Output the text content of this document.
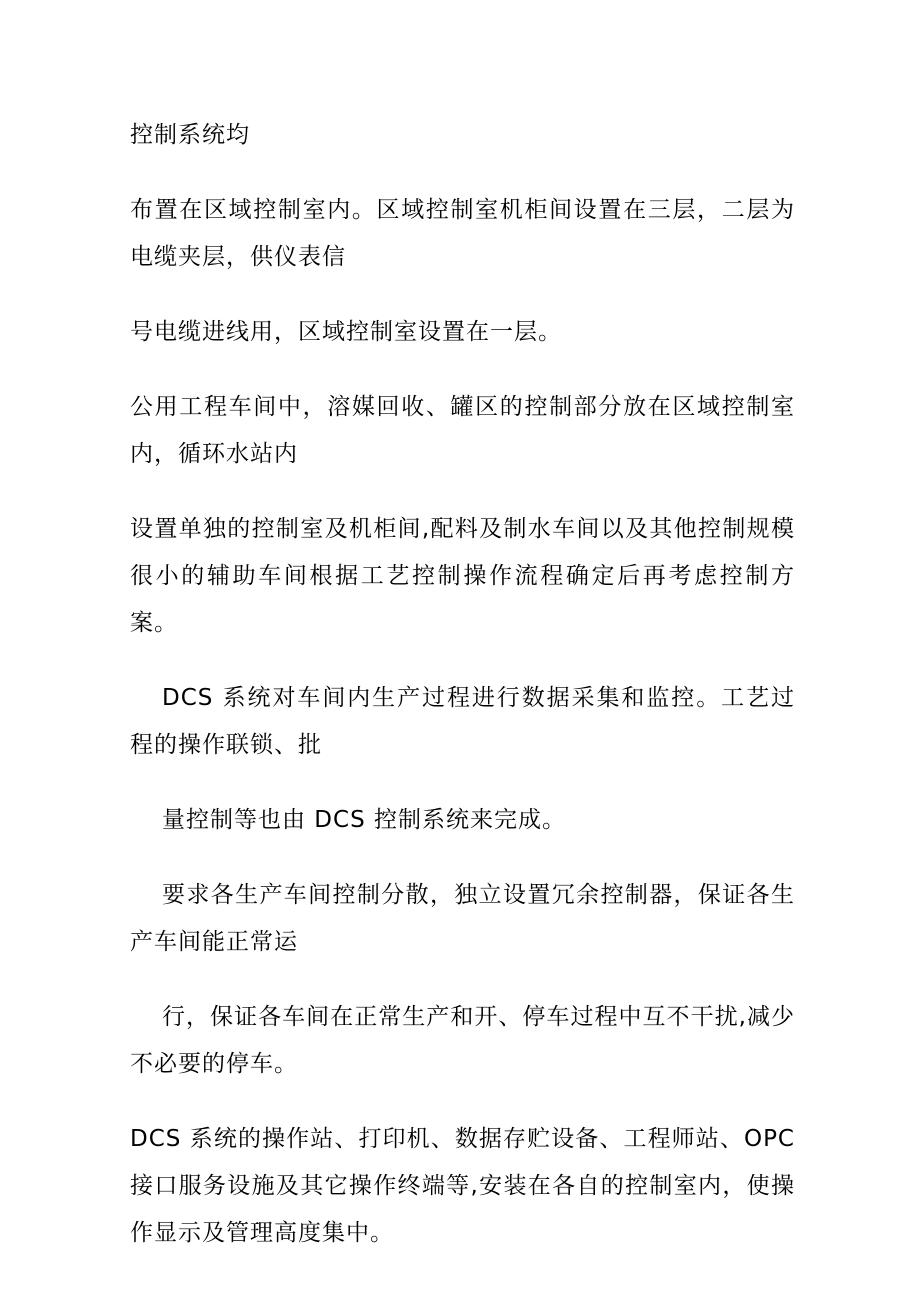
控制系统均

布置在区域控制室内。区域控制室机柜间设置在三层，二层为电缆夹层，供仪表信

号电缆进线用，区域控制室设置在一层。

公用工程车间中，溶媒回收、罐区的控制部分放在区域控制室内，循环水站内

设置单独的控制室及机柜间,配料及制水车间以及其他控制规模很小的辅助车间根据工艺控制操作流程确定后再考虑控制方案。

DCS 系统对车间内生产过程进行数据采集和监控。工艺过程的操作联锁、批

量控制等也由 DCS 控制系统来完成。

要求各生产车间控制分散，独立设置冗余控制器，保证各生产车间能正常运

行，保证各车间在正常生产和开、停车过程中互不干扰,减少不必要的停车。

DCS 系统的操作站、打印机、数据存贮设备、工程师站、OPC 接口服务设施及其它操作终端等,安装在各自的控制室内，使操作显示及管理高度集中。
